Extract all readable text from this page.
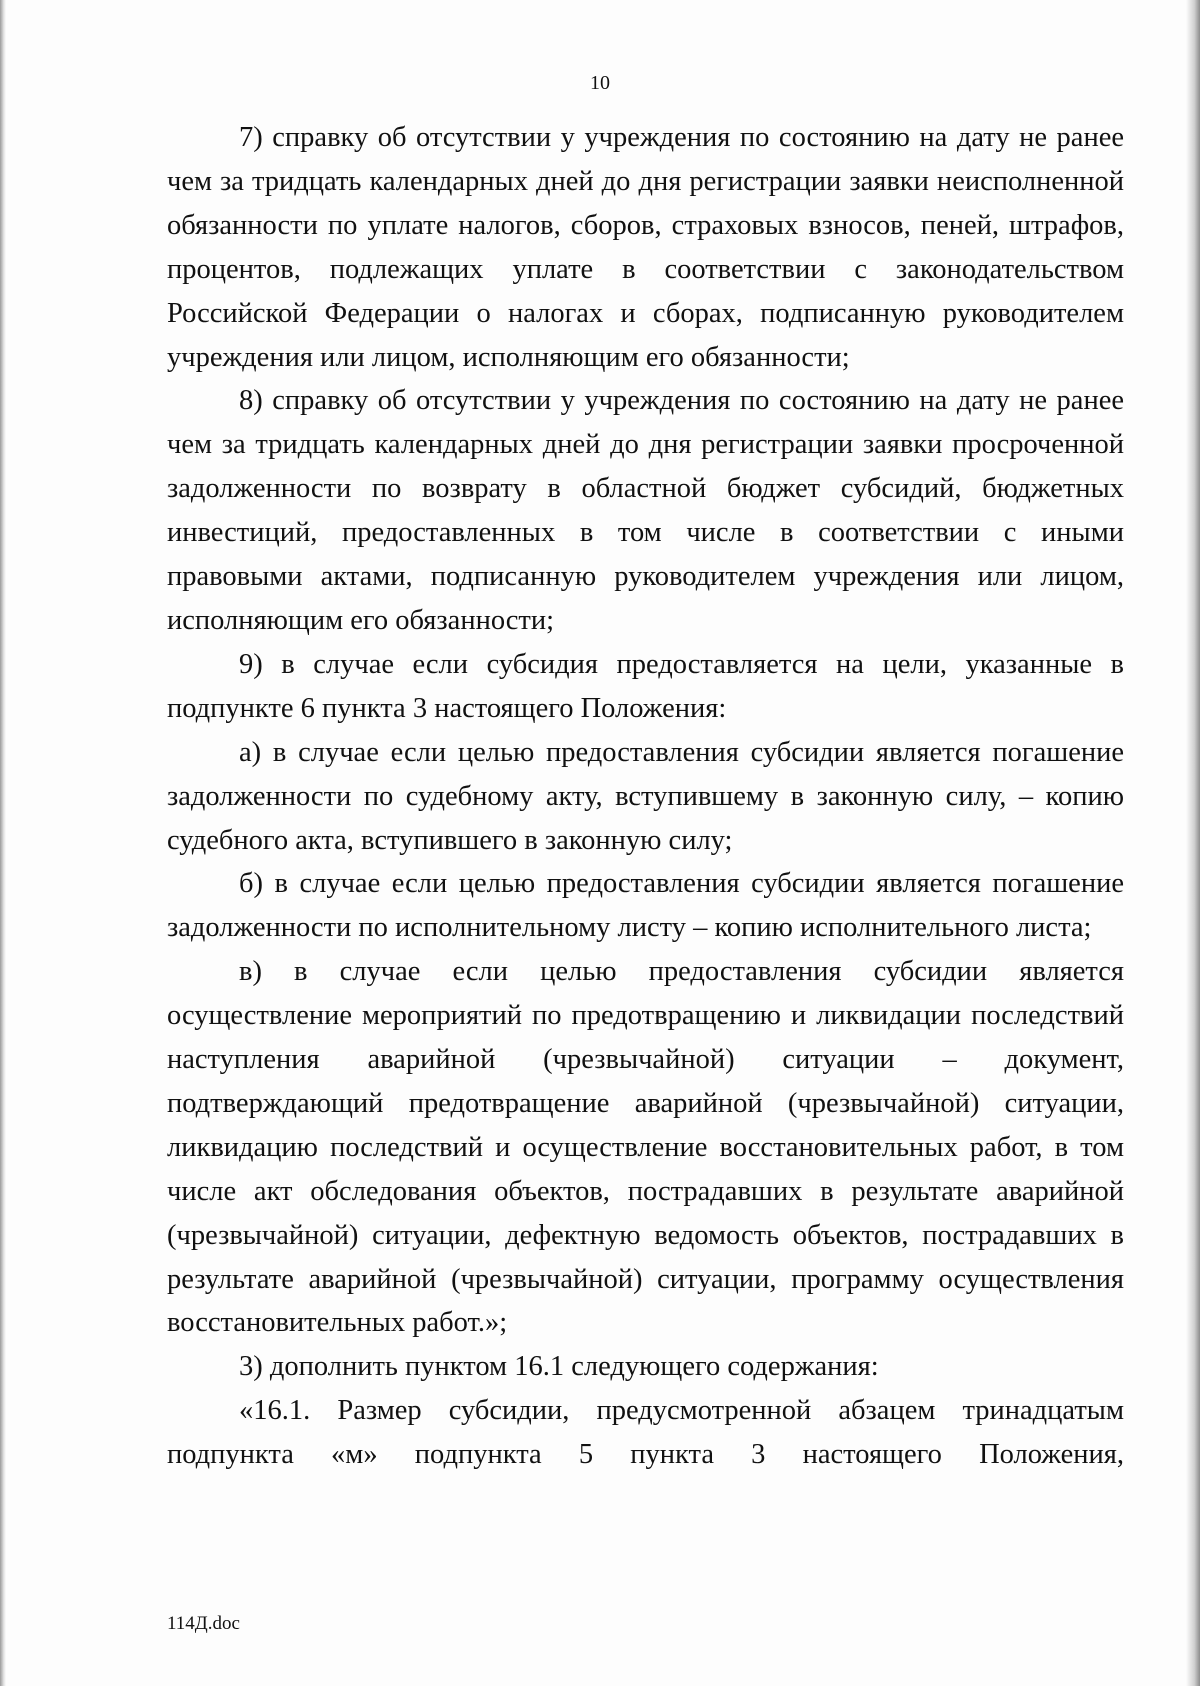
10

7) справку об отсутствии у учреждения по состоянию на дату не ранее чем за тридцать календарных дней до дня регистрации заявки неисполненной обязанности по уплате налогов, сборов, страховых взносов, пеней, штрафов, процентов, подлежащих уплате в соответствии с законодательством Российской Федерации о налогах и сборах, подписанную руководителем учреждения или лицом, исполняющим его обязанности;

8) справку об отсутствии у учреждения по состоянию на дату не ранее чем за тридцать календарных дней до дня регистрации заявки просроченной задолженности по возврату в областной бюджет субсидий, бюджетных инвестиций, предоставленных в том числе в соответствии с иными правовыми актами, подписанную руководителем учреждения или лицом, исполняющим его обязанности;

9) в случае если субсидия предоставляется на цели, указанные в подпункте 6 пункта 3 настоящего Положения:

а) в случае если целью предоставления субсидии является погашение задолженности по судебному акту, вступившему в законную силу, – копию судебного акта, вступившего в законную силу;

б) в случае если целью предоставления субсидии является погашение задолженности по исполнительному листу – копию исполнительного листа;

в) в случае если целью предоставления субсидии является осуществление мероприятий по предотвращению и ликвидации последствий наступления аварийной (чрезвычайной) ситуации – документ, подтверждающий предотвращение аварийной (чрезвычайной) ситуации, ликвидацию последствий и осуществление восстановительных работ, в том числе акт обследования объектов, пострадавших в результате аварийной (чрезвычайной) ситуации, дефектную ведомость объектов, пострадавших в результате аварийной (чрезвычайной) ситуации, программу осуществления восстановительных работ.»;

3) дополнить пунктом 16.1 следующего содержания:

«16.1. Размер субсидии, предусмотренной абзацем тринадцатым подпункта «м» подпункта 5 пункта 3 настоящего Положения,

114Д.doc
